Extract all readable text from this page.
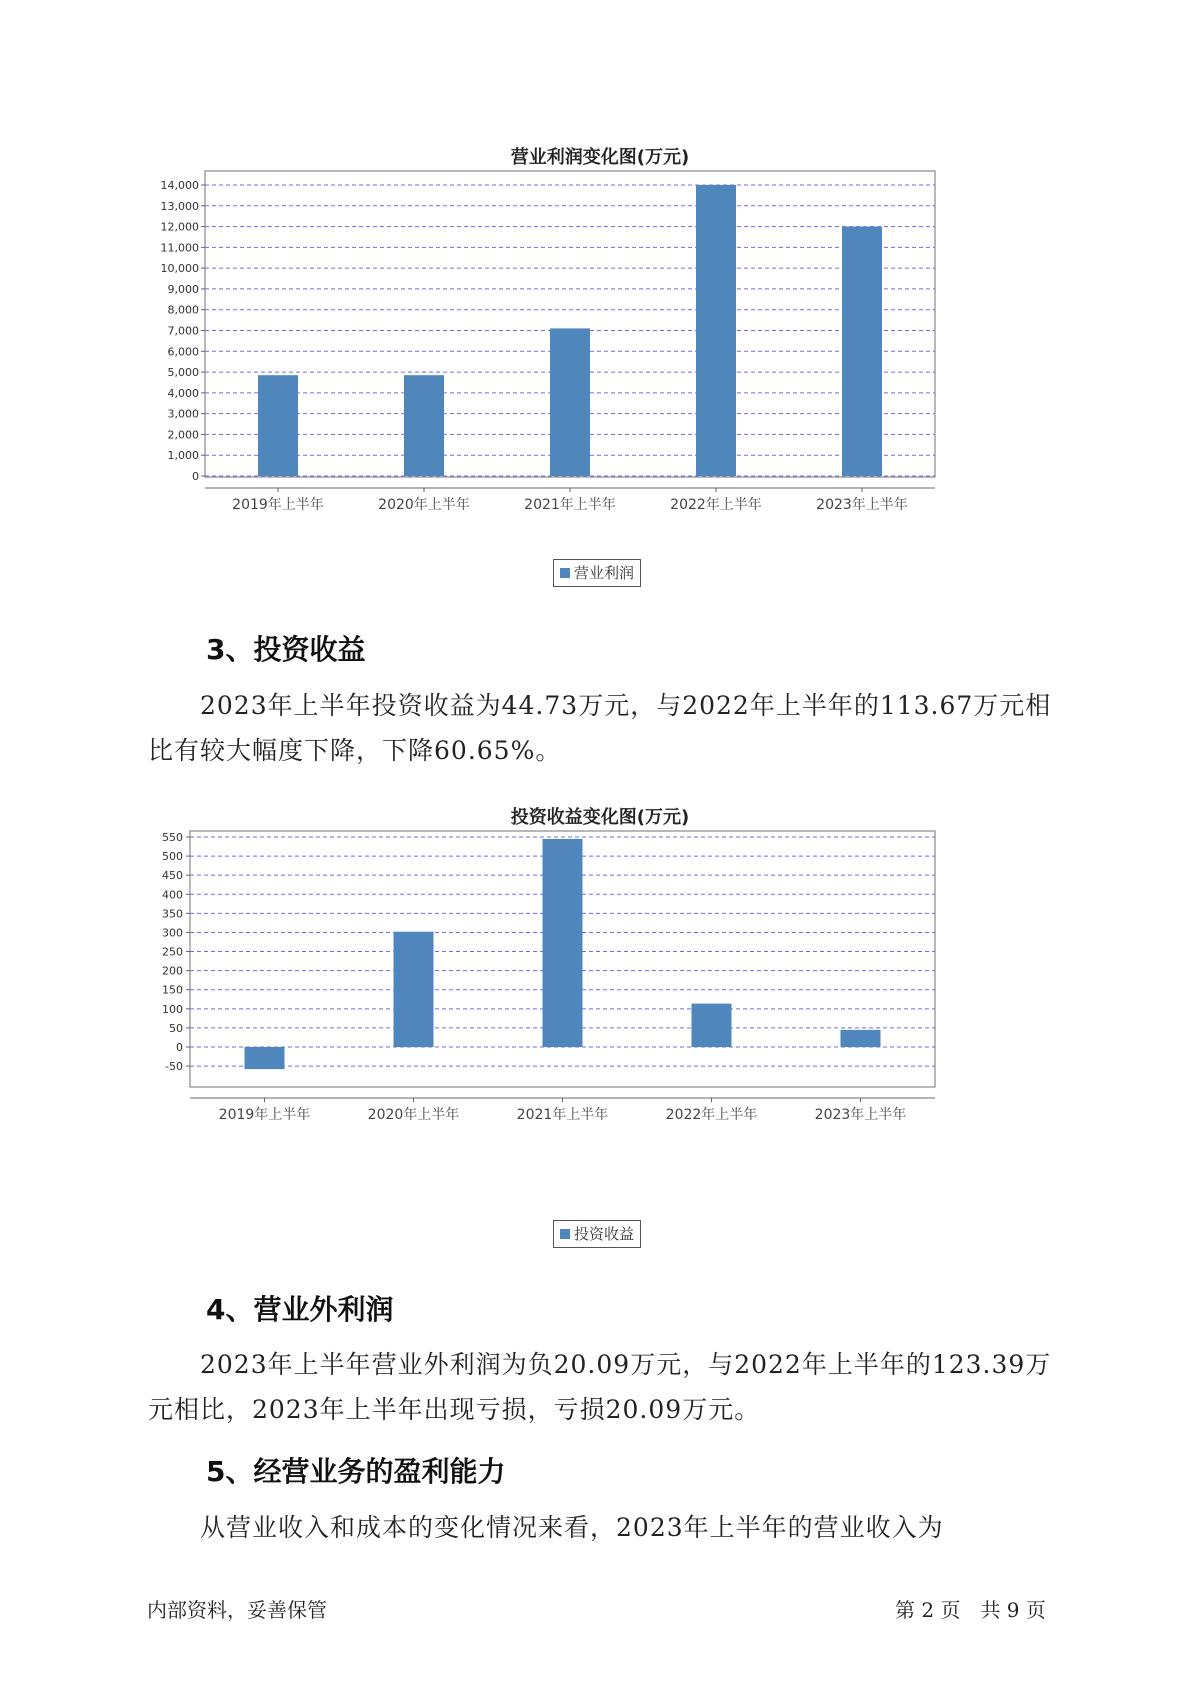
营业利润变化图(万元)
0
1,000
2,000
3,000
4,000
5,000
6,000
7,000
8,000
9,000
10,000
11,000
12,000
13,000
14,000
2019年上半年	2020年上半年	2021年上半年	2022年上半年	2023年上半年
营业利润
3、投资收益
2023年上半年投资收益为44.73万元，与2022年上半年的113.67万元相
比有较大幅度下降，下降60.65%。
投资收益变化图(万元)
-50
0
50
100
150
200
250
300
350
400
450
500
550
2019年上半年	2020年上半年	2021年上半年	2022年上半年	2023年上半年
投资收益
4、营业外利润
2023年上半年营业外利润为负20.09万元，与2022年上半年的123.39万
元相比，2023年上半年出现亏损，亏损20.09万元。
5、经营业务的盈利能力
从营业收入和成本的变化情况来看，2023年上半年的营业收入为
内部资料，妥善保管	第 2 页　共 9 页
